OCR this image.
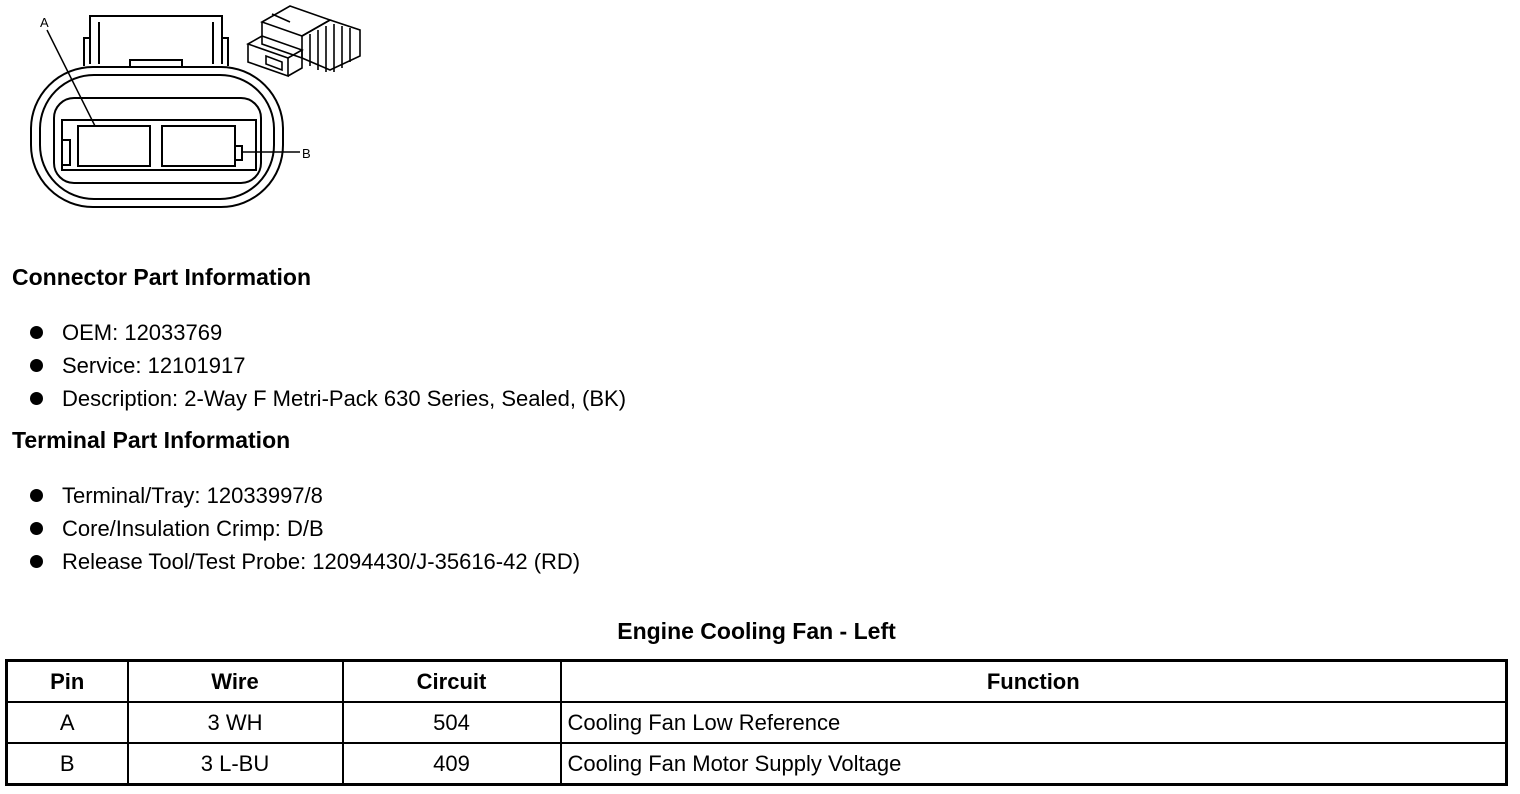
A
B
Connector Part Information
OEM: 12033769
Service: 12101917
Description: 2-Way F Metri-Pack 630 Series, Sealed, (BK)
Terminal Part Information
Terminal/Tray: 12033997/8
Core/Insulation Crimp: D/B
Release Tool/Test Probe: 12094430/J-35616-42 (RD)
Engine Cooling Fan - Left
Pin	Wire	Circuit	Function
A	3 WH	504	Cooling Fan Low Reference
B	3 L-BU	409	Cooling Fan Motor Supply Voltage
